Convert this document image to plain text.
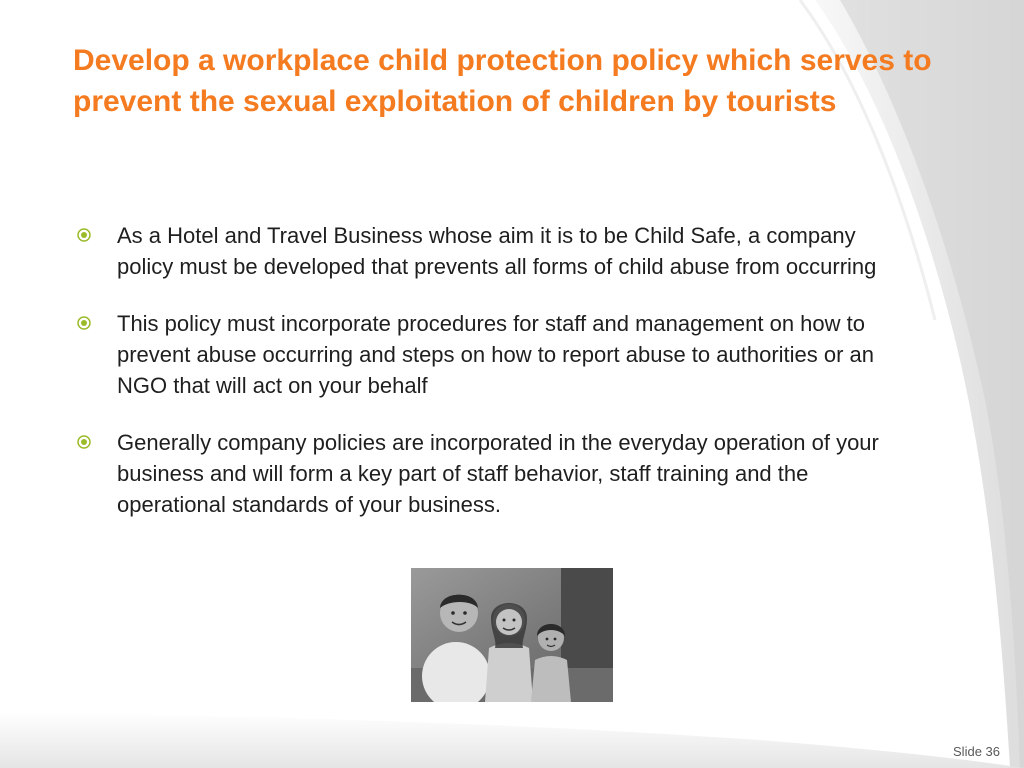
Develop a workplace child protection policy which serves to prevent the sexual exploitation of children by tourists
As a Hotel and Travel Business whose aim it is to be Child Safe, a company policy must be developed that prevents all forms of child abuse from occurring
This policy must incorporate procedures for staff and management on how to prevent abuse occurring and steps on how to report abuse to authorities or an NGO that will act on your behalf
Generally company policies are incorporated in the everyday operation of your business and will form a key part of staff behavior, staff training and the operational standards of your business.
Slide 36
